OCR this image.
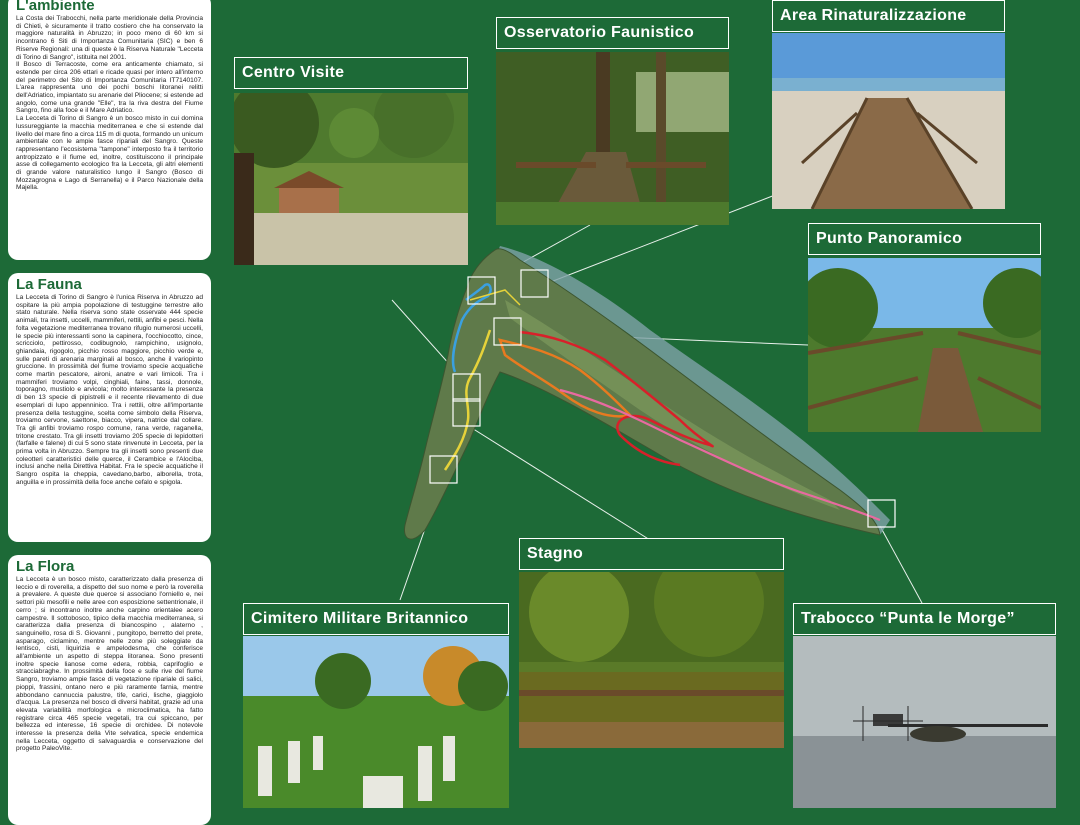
L'ambiente

La Costa dei Trabocchi, nella parte meridionale della Provincia di Chieti, è sicuramente il tratto costiero che ha conservato la maggiore naturalità in Abruzzo; in poco meno di 60 km si incontrano 6 Siti di Importanza Comunitaria (SIC) e ben 6 Riserve Regionali: una di queste è la Riserva Naturale "Lecceta di Torino di Sangro", istituita nel 2001.

Il Bosco di Terracoste, come era anticamente chiamato, si estende per circa 206 ettari e ricade quasi per intero all'interno del perimetro del Sito di Importanza Comunitaria IT7140107. L'area rappresenta uno dei pochi boschi litoranei relitti dell'Adriatico, impiantato su arenarie del Pliocene; si estende ad angolo, come una grande "Elle", tra la riva destra del Fiume Sangro, fino alla foce e il Mare Adriatico.

La Lecceta di Torino di Sangro è un bosco misto in cui domina lussureggiante la macchia mediterranea e che si estende dal livello del mare fino a circa 115 m di quota, formando un unicum ambientale con le ampie fasce ripariali del Sangro. Queste rappresentano l'ecosistema "tampone" interposto fra il territorio antropizzato e il fiume ed, inoltre, costituiscono il principale asse di collegamento ecologico fra la Lecceta, gli altri elementi di grande valore naturalistico lungo il Sangro (Bosco di Mozzagrogna e Lago di Serranella) e il Parco Nazionale della Majella.

La Fauna

La Lecceta di Torino di Sangro è l'unica Riserva in Abruzzo ad ospitare la più ampia popolazione di testuggine terrestre allo stato naturale. Nella riserva sono state osservate 444 specie animali, tra insetti, uccelli, mammiferi, rettili, anfibi e pesci. Nella folta vegetazione mediterranea trovano rifugio numerosi uccelli, le specie più interessanti sono la capinera, l'occhiocotto, cince, scricciolo, pettirosso, codibugnolo, rampichino, usignolo, ghiandaia, rigogolo, picchio rosso maggiore, picchio verde e, sulle pareti di arenaria marginali al bosco, anche il variopinto gruccione. In prossimità del fiume troviamo specie acquatiche come martin pescatore, aironi, anatre e vari limicoli. Tra i mammiferi troviamo volpi, cinghiali, faine, tassi, donnole, toporagno, mustiolo e arvicola; molto interessante la presenza di ben 13 specie di pipistrelli e il recente rilevamento di due esemplari di lupo appenninico. Tra i rettili, oltre all'importante presenza della testuggine, scelta come simbolo della Riserva, troviamo cervone, saettone, biacco, vipera, natrice dal collare. Tra gli anfibi troviamo rospo comune, rana verde, raganella, tritone crestato. Tra gli insetti troviamo 205 specie di lepidotteri (farfalle e falene) di cui 5 sono state rinvenute in Lecceta, per la prima volta in Abruzzo. Sempre tra gli insetti sono presenti due coleotteri caratteristici delle querce, il Cerambice e l'Alocìba, inclusi anche nella Direttiva Habitat. Fra le specie acquatiche il Sangro ospita la cheppia, cavedano,barbo, alborella, trota, anguilla e in prossimità della foce anche cefalo e spigola.

La Flora

La Lecceta è un bosco misto, caratterizzato dalla presenza di leccio e di roverella, a dispetto del suo nome e però la roverella a prevalere. A queste due querce si associano l'orniello e, nei settori più mesofili e nelle aree con esposizione settentrionale, il cerro ; si incontrano inoltre anche carpino orientalee acero campestre. Il sottobosco, tipico della macchia mediterranea, si caratterizza dalla presenza di biancospino , alaterno , sanguinello, rosa di S. Giovanni , pungitopo, berretto del prete, asparago, ciclamino, mentre nelle zone più soleggiate da lentisco, cisti, liquirizia e ampelodesma, che conferisce all'ambiente un aspetto di steppa litoranea. Sono presenti inoltre specie lianose come edera, robbia, caprifoglio e stracciabraghe. In prossimità della foce e sulle rive del fiume Sangro, troviamo ampie fasce di vegetazione ripariale di salici, pioppi, frassini, ontano nero e più raramente farnia, mentre abbondano cannuccia palustre, tife, carici, lische, giaggiolo d'acqua. La presenza nel bosco di diversi habitat, grazie ad una elevata variabilità morfologica e microclimatica, ha fatto registrare circa 465 specie vegetali, tra cui spiccano, per bellezza ed interesse, 16 specie di orchidee. Di notevole interesse la presenza della Vite selvatica, specie endemica nella Lecceta, oggetto di salvaguardia e conservazione del progetto PaleoVite.

Centro Visite
Osservatorio Faunistico
Area Rinaturalizzazione
Punto Panoramico
Stagno
Cimitero Militare Britannico	Trabocco “Punta le Morge”
